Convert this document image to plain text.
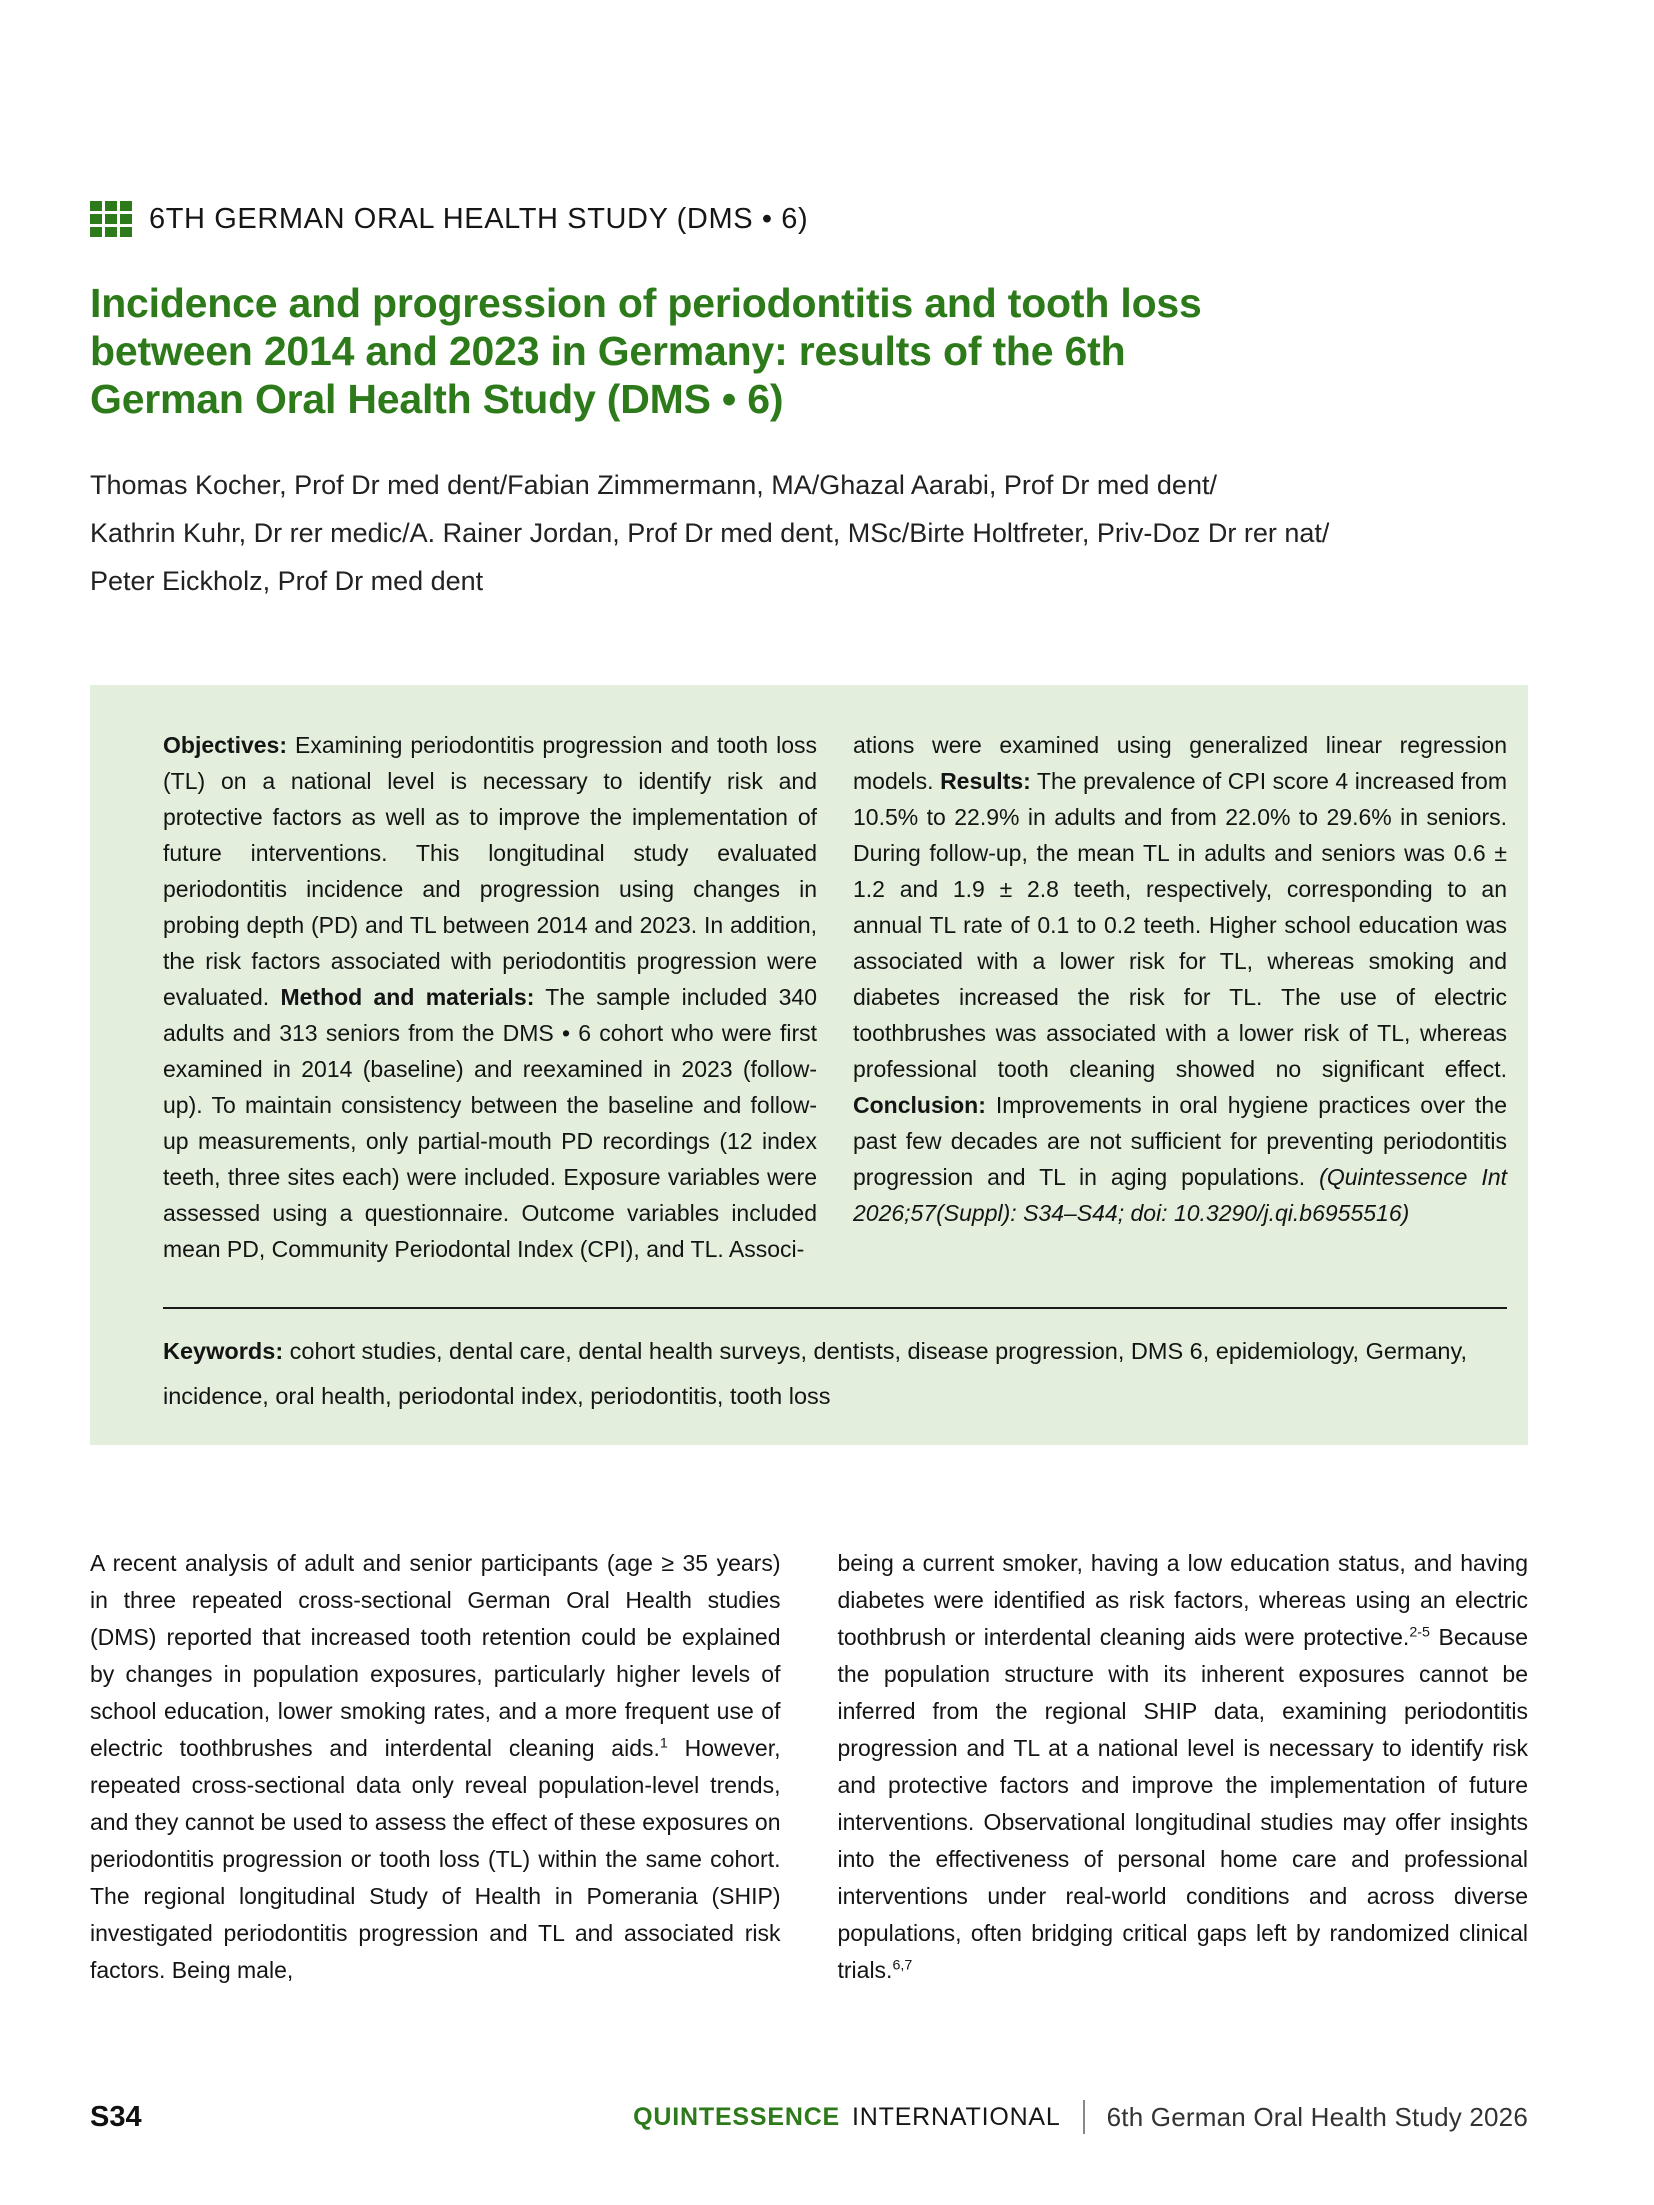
6TH GERMAN ORAL HEALTH STUDY (DMS • 6)
Incidence and progression of periodontitis and tooth loss
between 2014 and 2023 in Germany: results of the 6th
German Oral Health Study (DMS • 6)
Thomas Kocher, Prof Dr med dent/Fabian Zimmermann, MA/Ghazal Aarabi, Prof Dr med dent/
Kathrin Kuhr, Dr rer medic/A. Rainer Jordan, Prof Dr med dent, MSc/Birte Holtfreter, Priv-Doz Dr rer nat/
Peter Eickholz, Prof Dr med dent

Objectives: Examining periodontitis progression and tooth loss (TL) on a national level is necessary to identify risk and protective factors as well as to improve the implementation of future interventions. This longitudinal study evaluated periodontitis incidence and progression using changes in probing depth (PD) and TL between 2014 and 2023. In addition, the risk factors associated with periodontitis progression were evaluated. Method and materials: The sample included 340 adults and 313 seniors from the DMS • 6 cohort who were first examined in 2014 (baseline) and reexamined in 2023 (follow-up). To maintain consistency between the baseline and follow-up measurements, only partial-mouth PD recordings (12 index teeth, three sites each) were included. Exposure variables were assessed using a questionnaire. Outcome variables included mean PD, Community Periodontal Index (CPI), and TL. Associ-

ations were examined using generalized linear regression models. Results: The prevalence of CPI score 4 increased from 10.5% to 22.9% in adults and from 22.0% to 29.6% in seniors. During follow-up, the mean TL in adults and seniors was 0.6 ± 1.2 and 1.9 ± 2.8 teeth, respectively, corresponding to an annual TL rate of 0.1 to 0.2 teeth. Higher school education was associated with a lower risk for TL, whereas smoking and diabetes increased the risk for TL. The use of electric toothbrushes was associated with a lower risk of TL, whereas professional tooth cleaning showed no significant effect. Conclusion: Improvements in oral hygiene practices over the past few decades are not sufficient for preventing periodontitis progression and TL in aging populations. (Quintessence Int 2026;57(Suppl): S34–S44; doi: 10.3290/j.qi.b6955516)

Keywords: cohort studies, dental care, dental health surveys, dentists, disease progression, DMS 6, epidemiology, Germany, incidence, oral health, periodontal index, periodontitis, tooth loss

A recent analysis of adult and senior participants (age ≥ 35 years) in three repeated cross-sectional German Oral Health studies (DMS) reported that increased tooth retention could be explained by changes in population exposures, particularly higher levels of school education, lower smoking rates, and a more frequent use of electric toothbrushes and interdental cleaning aids.$^1$ However, repeated cross-sectional data only reveal population-level trends, and they cannot be used to assess the effect of these exposures on periodontitis progression or tooth loss (TL) within the same cohort. The regional longitudinal Study of Health in Pomerania (SHIP) investigated periodontitis progression and TL and associated risk factors. Being male,

being a current smoker, having a low education status, and having diabetes were identified as risk factors, whereas using an electric toothbrush or interdental cleaning aids were protective.$^{2-5}$ Because the population structure with its inherent exposures cannot be inferred from the regional SHIP data, examining periodontitis progression and TL at a national level is necessary to identify risk and protective factors and improve the implementation of future interventions. Observational longitudinal studies may offer insights into the effectiveness of personal home care and professional interventions under real-world conditions and across diverse populations, often bridging critical gaps left by randomized clinical trials.$^{6,7}$

S34	QUINTESSENCE INTERNATIONAL 6th German Oral Health Study 2026
